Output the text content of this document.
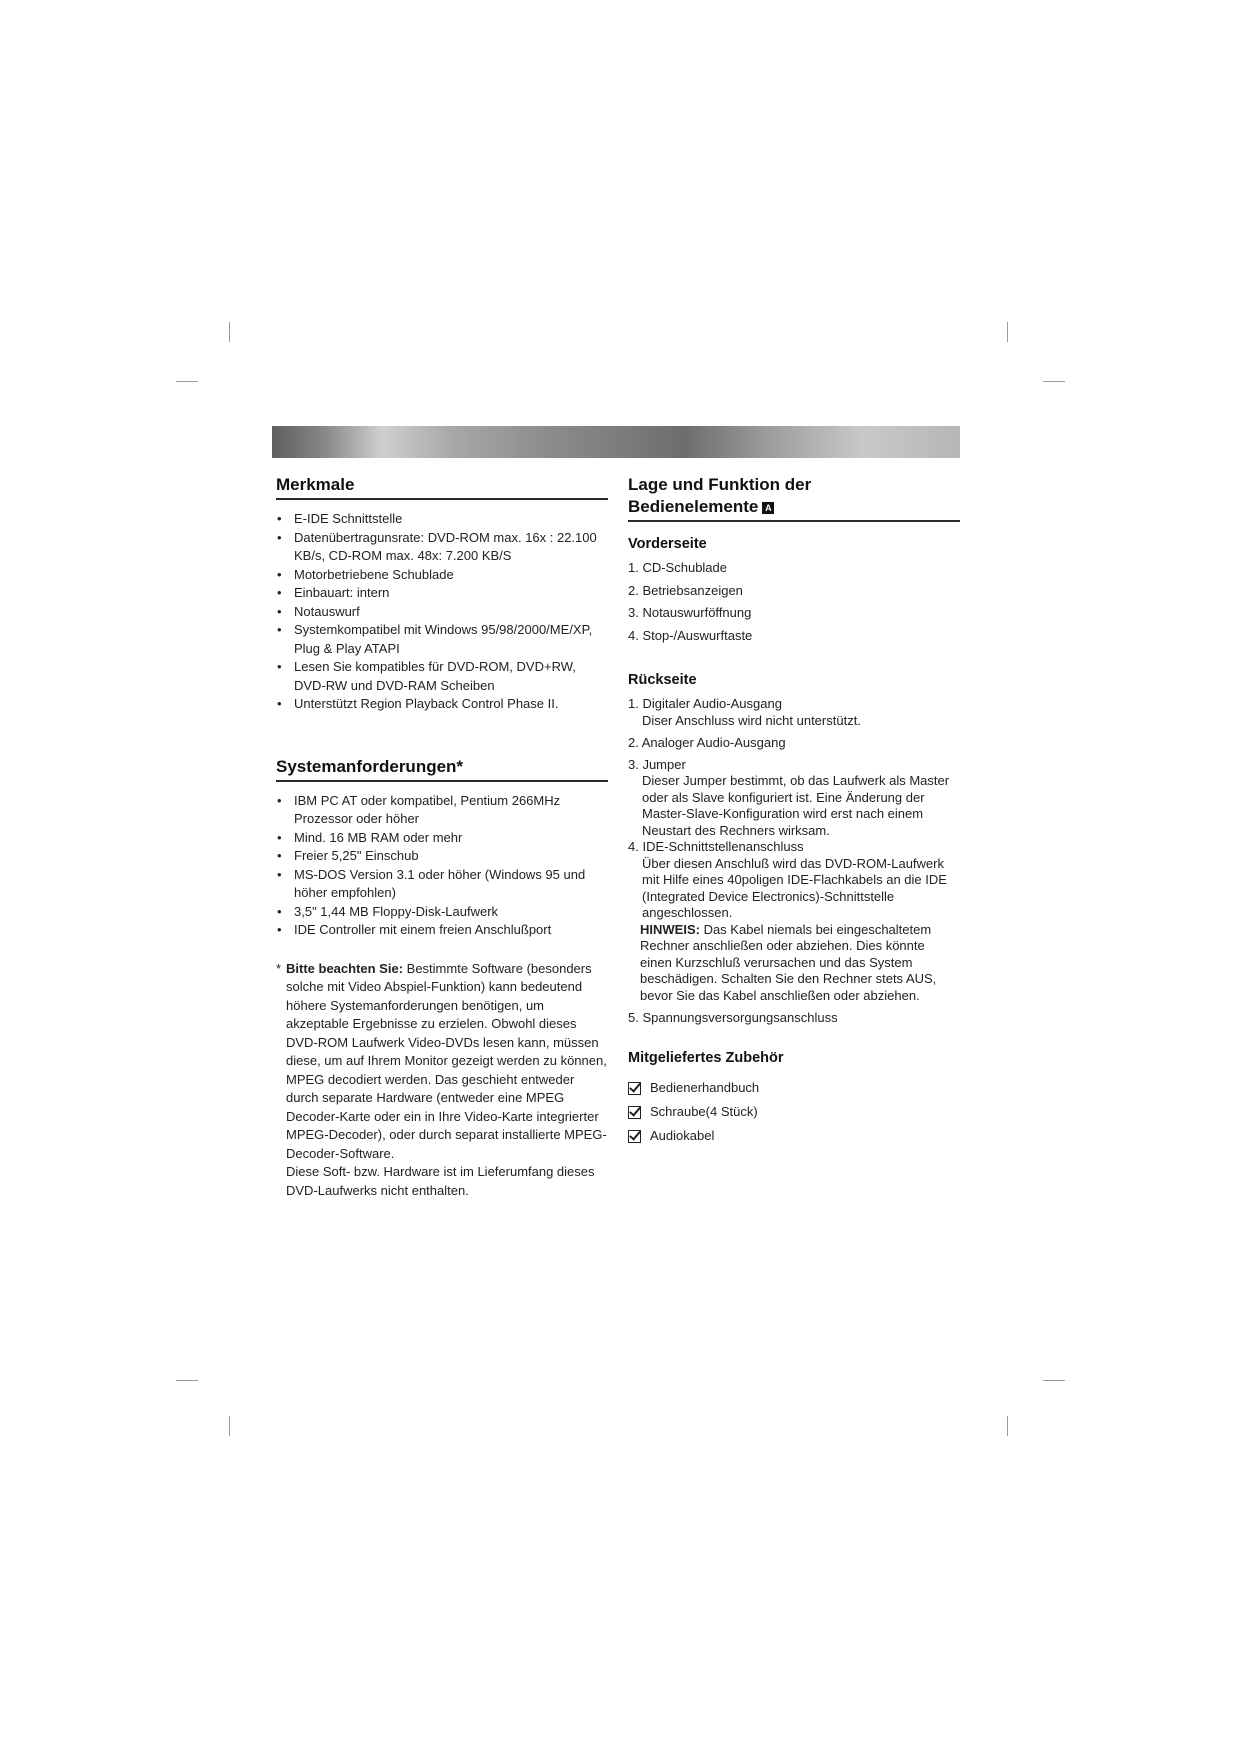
Merkmale
• E-IDE Schnittstelle
• Datenübertragunsrate: DVD-ROM max. 16x : 22.100 KB/s, CD-ROM max. 48x: 7.200 KB/S
• Motorbetriebene Schublade
• Einbauart: intern
• Notauswurf
• Systemkompatibel mit Windows 95/98/2000/ME/XP, Plug & Play ATAPI
• Lesen Sie kompatibles für DVD-ROM, DVD+RW, DVD-RW und DVD-RAM Scheiben
• Unterstützt Region Playback Control Phase II.
Systemanforderungen*
• IBM PC AT oder kompatibel, Pentium 266MHz Prozessor oder höher
• Mind. 16 MB RAM oder mehr
• Freier 5,25" Einschub
• MS-DOS Version 3.1 oder höher (Windows 95 und höher empfohlen)
• 3,5" 1,44 MB Floppy-Disk-Laufwerk
• IDE Controller mit einem freien Anschlußport
* Bitte beachten Sie: Bestimmte Software (besonders solche mit Video Abspiel-Funktion) kann bedeutend höhere Systemanforderungen benötigen, um akzeptable Ergebnisse zu erzielen. Obwohl dieses DVD-ROM Laufwerk Video-DVDs lesen kann, müssen diese, um auf Ihrem Monitor gezeigt werden zu können, MPEG decodiert werden. Das geschieht entweder durch separate Hardware (entweder eine MPEG Decoder-Karte oder ein in Ihre Video-Karte integrierter MPEG-Decoder), oder durch separat installierte MPEG-Decoder-Software.
Diese Soft- bzw. Hardware ist im Lieferumfang dieses DVD-Laufwerks nicht enthalten.
Lage und Funktion der
Bedienelemente A
Vorderseite
1. CD-Schublade
2. Betriebsanzeigen
3. Notauswurföffnung
4. Stop-/Auswurftaste
Rückseite
1. Digitaler Audio-Ausgang
Diser Anschluss wird nicht unterstützt.
2. Analoger Audio-Ausgang
3. Jumper
Dieser Jumper bestimmt, ob das Laufwerk als Master oder als Slave konfiguriert ist. Eine Änderung der Master-Slave-Konfiguration wird erst nach einem Neustart des Rechners wirksam.
4. IDE-Schnittstellenanschluss
Über diesen Anschluß wird das DVD-ROM-Laufwerk mit Hilfe eines 40poligen IDE-Flachkabels an die IDE (Integrated Device Electronics)-Schnittstelle angeschlossen.
HINWEIS: Das Kabel niemals bei eingeschaltetem Rechner anschließen oder abziehen. Dies könnte einen Kurzschluß verursachen und das System beschädigen. Schalten Sie den Rechner stets AUS, bevor Sie das Kabel anschließen oder abziehen.
5. Spannungsversorgungsanschluss
Mitgeliefertes Zubehör
Bedienerhandbuch
Schraube(4 Stück)
Audiokabel
